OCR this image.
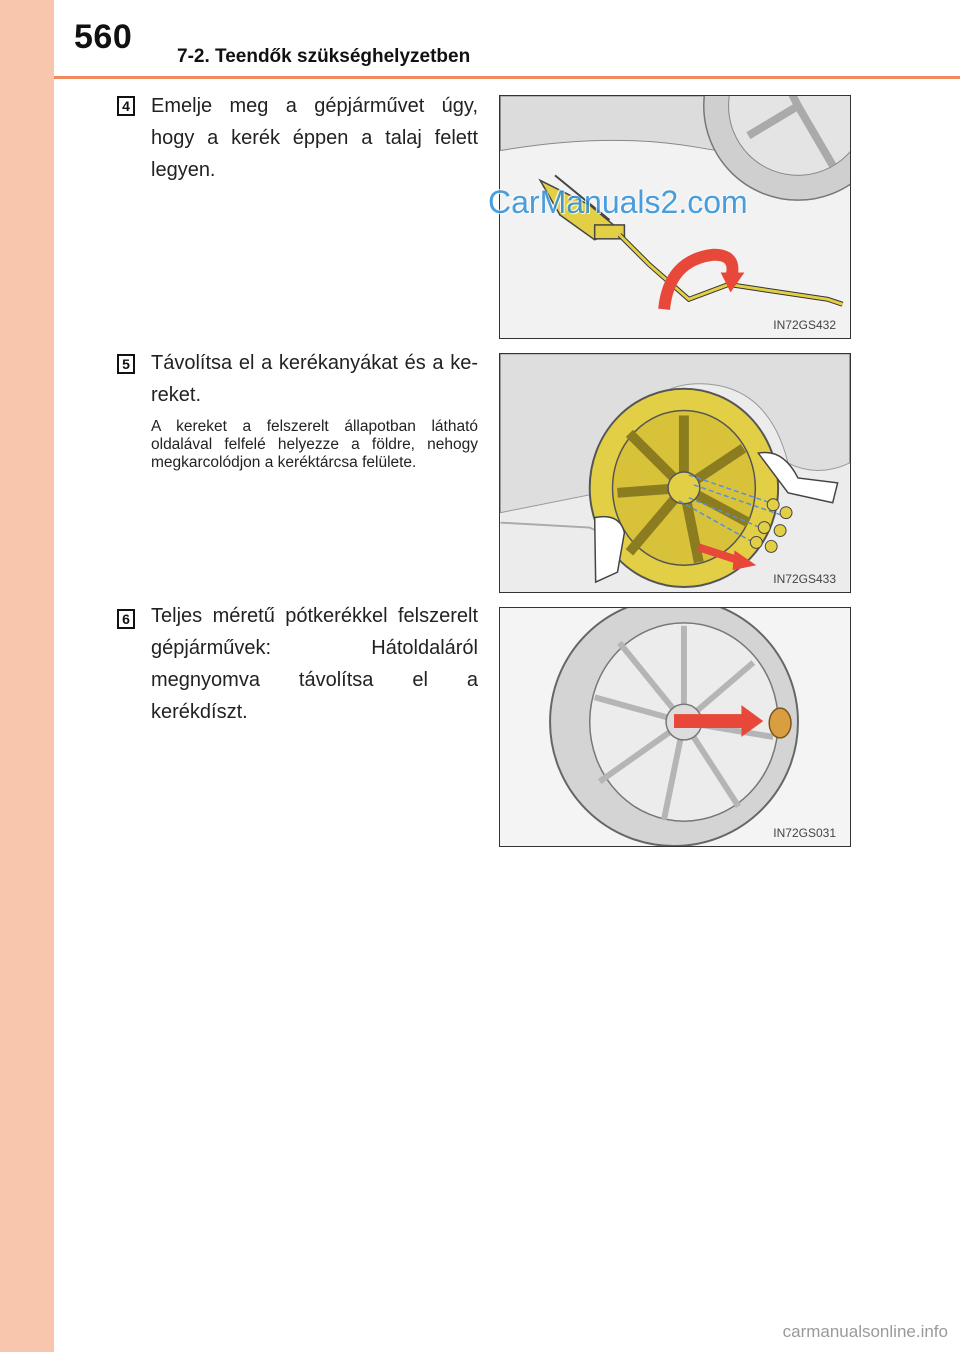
560
7-2. Teendők szükséghelyzetben
4 Emelje meg a gépjárművet úgy, hogy a kerék éppen a talaj felett legyen.
IN72GS432
5 Távolítsa el a kerékanyákat és a kereket.
A kereket a felszerelt állapotban látható oldalával felfelé helyezze a földre, nehogy megkarcolódjon a keréktárcsa felülete.
IN72GS433
6 Teljes méretű pótkerékkel felszerelt gépjárművek: Hátoldaláról megnyomva távolítsa el a kerékdíszt.
IN72GS031
CarManuals2.com
carmanualsonline.info
